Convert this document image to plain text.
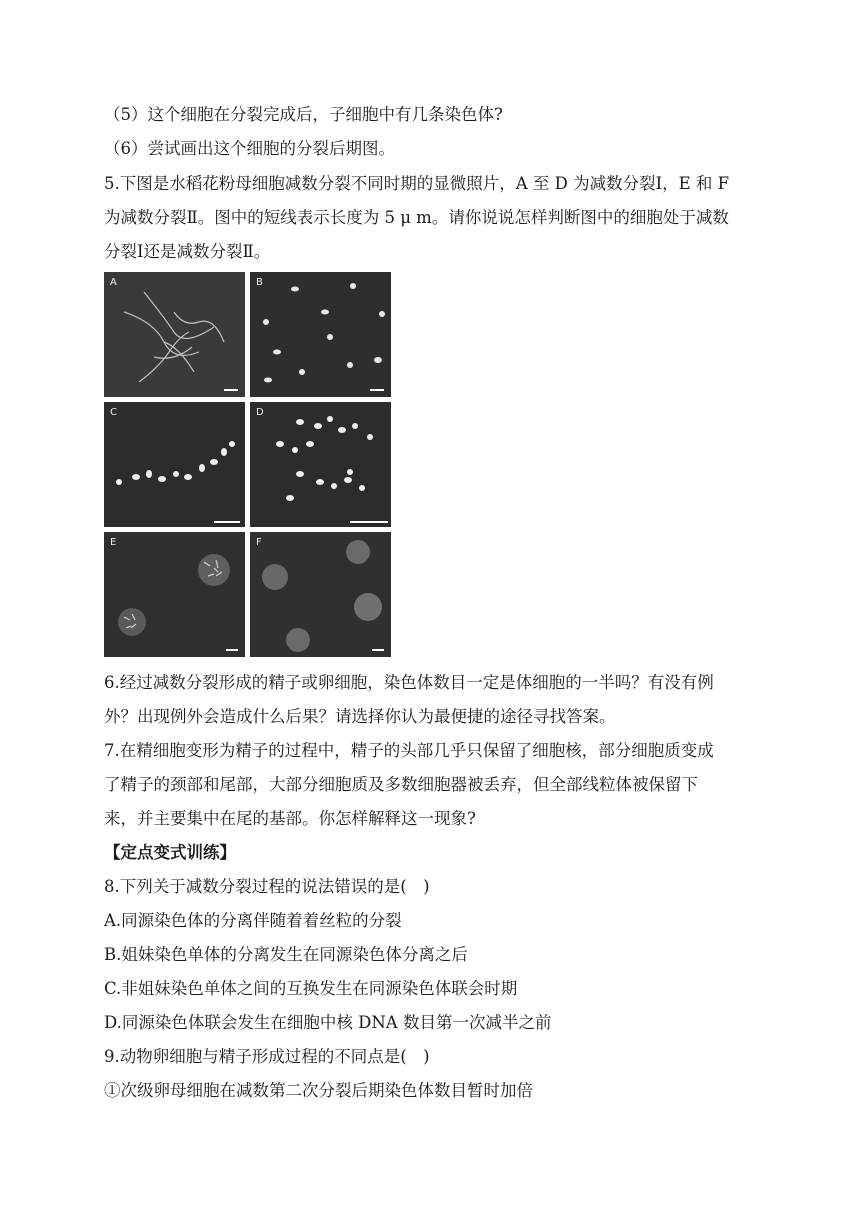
（5）这个细胞在分裂完成后，子细胞中有几条染色体?
（6）尝试画出这个细胞的分裂后期图。
5.下图是水稻花粉母细胞减数分裂不同时期的显微照片，A 至 D 为减数分裂Ⅰ，E 和 F
为减数分裂Ⅱ。图中的短线表示长度为 5 μ m。请你说说怎样判断图中的细胞处于减数
分裂Ⅰ还是减数分裂Ⅱ。
A	B
C	D
E	F
6.经过减数分裂形成的精子或卵细胞，染色体数目一定是体细胞的一半吗？有没有例
外？出现例外会造成什么后果？请选择你认为最便捷的途径寻找答案。
7.在精细胞变形为精子的过程中，精子的头部几乎只保留了细胞核，部分细胞质变成
了精子的颈部和尾部，大部分细胞质及多数细胞器被丢弃，但全部线粒体被保留下
来，并主要集中在尾的基部。你怎样解释这一现象?
【定点变式训练】
8.下列关于减数分裂过程的说法错误的是(　)
A.同源染色体的分离伴随着着丝粒的分裂
B.姐妹染色单体的分离发生在同源染色体分离之后
C.非姐妹染色单体之间的互换发生在同源染色体联会时期
D.同源染色体联会发生在细胞中核 DNA 数目第一次减半之前
9.动物卵细胞与精子形成过程的不同点是(　)
①次级卵母细胞在减数第二次分裂后期染色体数目暂时加倍
